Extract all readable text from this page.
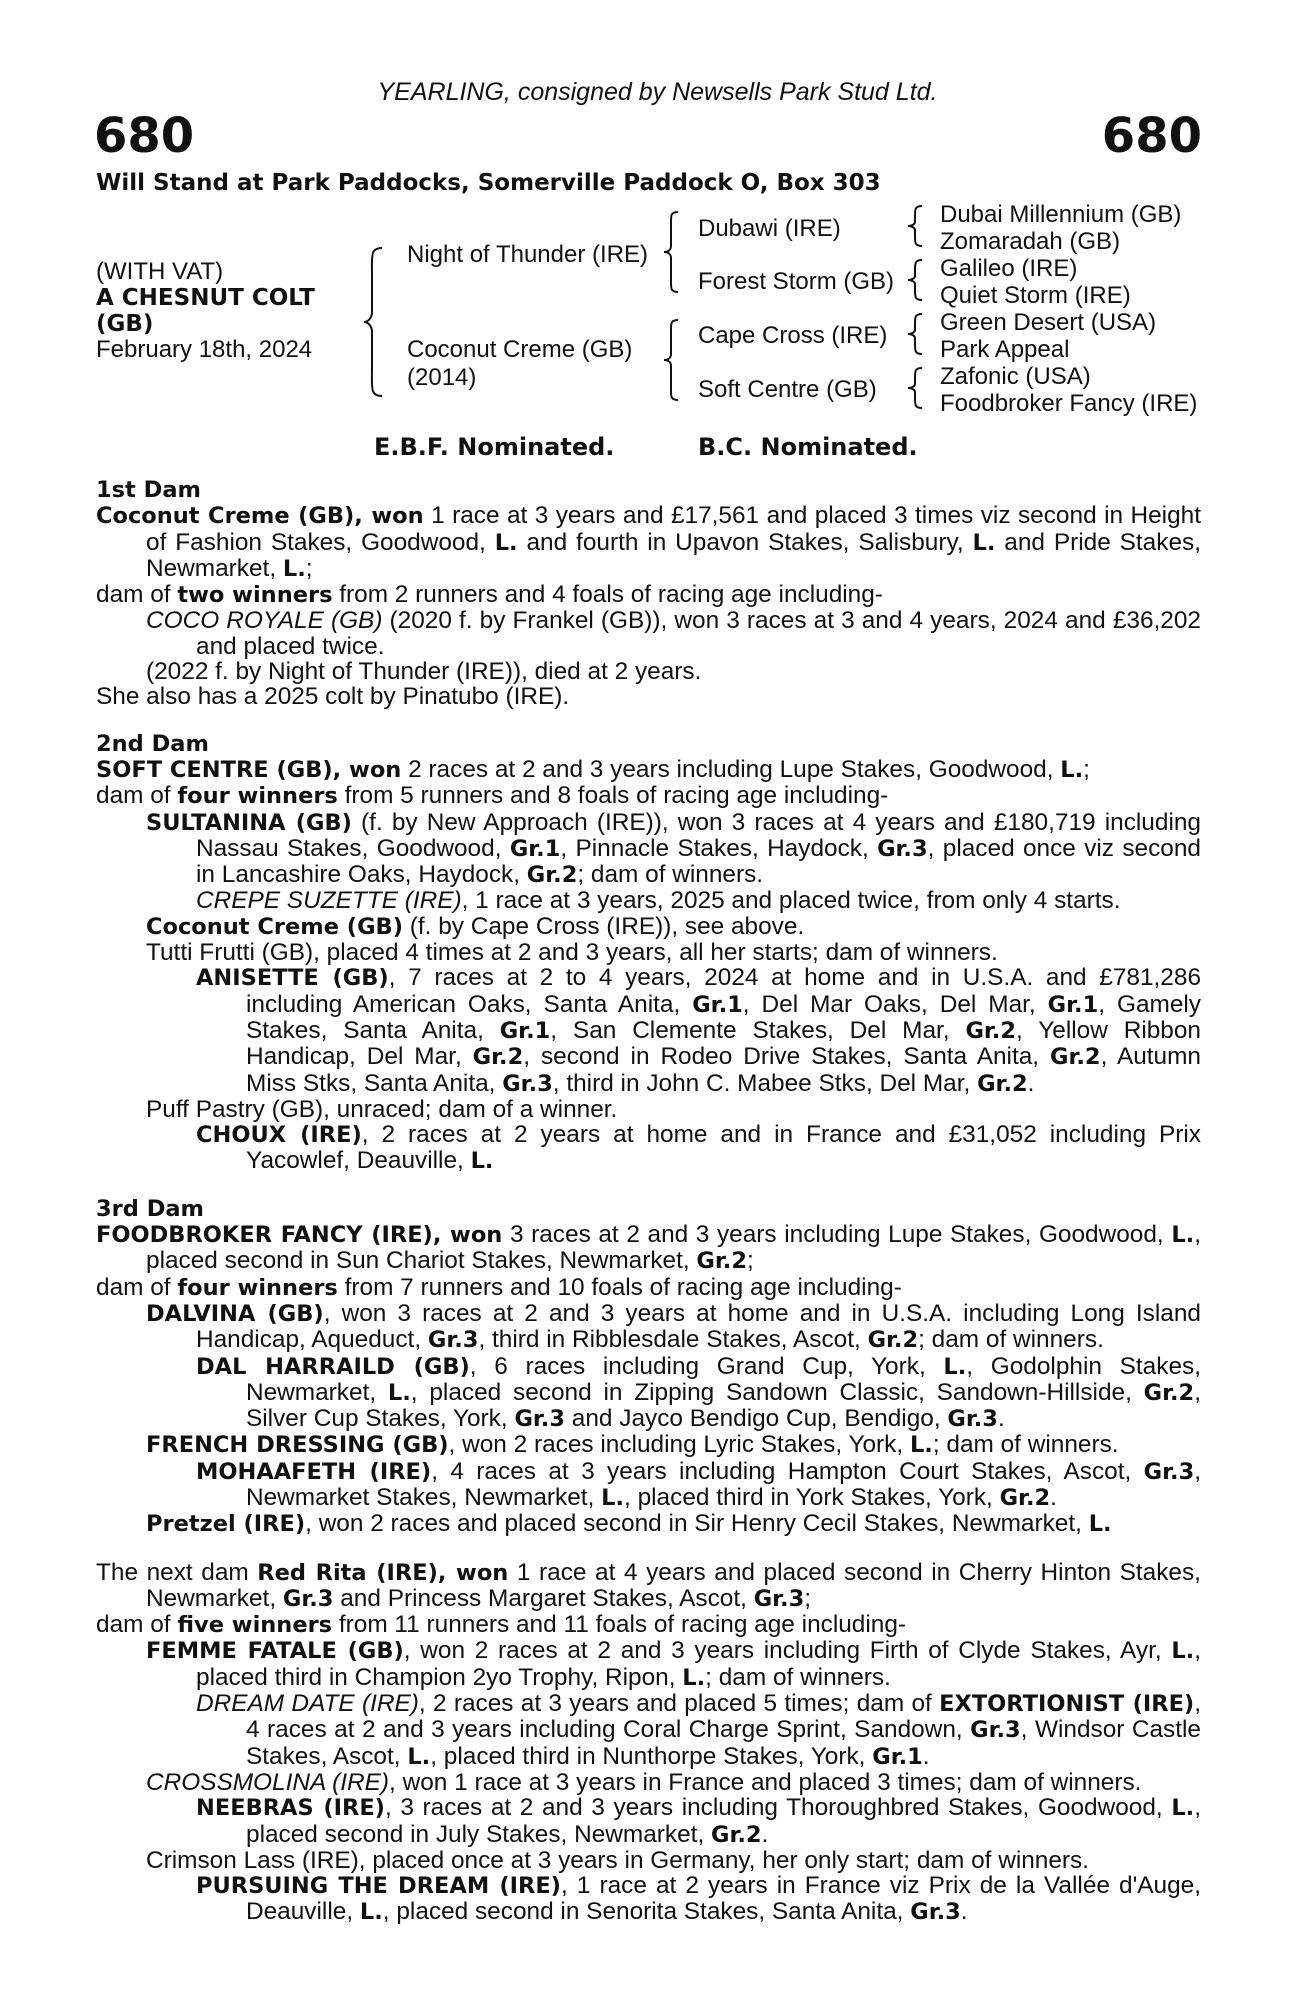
YEARLING, consigned by Newsells Park Stud Ltd.
680	680
Will Stand at Park Paddocks, Somerville Paddock O, Box 303
(WITH VAT)
A CHESNUT COLT
(GB)
February 18th, 2024
Night of Thunder (IRE)
Coconut Creme (GB)
(2014)
Dubawi (IRE)
Forest Storm (GB)
Cape Cross (IRE)
Soft Centre (GB)
Dubai Millennium (GB)
Zomaradah (GB)
Galileo (IRE)
Quiet Storm (IRE)
Green Desert (USA)
Park Appeal
Zafonic (USA)
Foodbroker Fancy (IRE)
E.B.F. Nominated.	B.C. Nominated.

1st Dam

Coconut Creme (GB), won 1 race at 3 years and £17,561 and placed 3 times viz second in Height of Fashion Stakes, Goodwood, L. and fourth in Upavon Stakes, Salisbury, L. and Pride Stakes, Newmarket, L.;

dam of two winners from 2 runners and 4 foals of racing age including-

COCO ROYALE (GB) (2020 f. by Frankel (GB)), won 3 races at 3 and 4 years, 2024 and £36,202 and placed twice.

(2022 f. by Night of Thunder (IRE)), died at 2 years.

She also has a 2025 colt by Pinatubo (IRE).

2nd Dam

SOFT CENTRE (GB), won 2 races at 2 and 3 years including Lupe Stakes, Goodwood, L.;

dam of four winners from 5 runners and 8 foals of racing age including-

SULTANINA (GB) (f. by New Approach (IRE)), won 3 races at 4 years and £180,719 including Nassau Stakes, Goodwood, Gr.1, Pinnacle Stakes, Haydock, Gr.3, placed once viz second in Lancashire Oaks, Haydock, Gr.2; dam of winners.

CREPE SUZETTE (IRE), 1 race at 3 years, 2025 and placed twice, from only 4 starts.

Coconut Creme (GB) (f. by Cape Cross (IRE)), see above.

Tutti Frutti (GB), placed 4 times at 2 and 3 years, all her starts; dam of winners.

ANISETTE (GB), 7 races at 2 to 4 years, 2024 at home and in U.S.A. and £781,286 including American Oaks, Santa Anita, Gr.1, Del Mar Oaks, Del Mar, Gr.1, Gamely Stakes, Santa Anita, Gr.1, San Clemente Stakes, Del Mar, Gr.2, Yellow Ribbon Handicap, Del Mar, Gr.2, second in Rodeo Drive Stakes, Santa Anita, Gr.2, Autumn Miss Stks, Santa Anita, Gr.3, third in John C. Mabee Stks, Del Mar, Gr.2.

Puff Pastry (GB), unraced; dam of a winner.

CHOUX (IRE), 2 races at 2 years at home and in France and £31,052 including Prix Yacowlef, Deauville, L.

3rd Dam

FOODBROKER FANCY (IRE), won 3 races at 2 and 3 years including Lupe Stakes, Goodwood, L., placed second in Sun Chariot Stakes, Newmarket, Gr.2;

dam of four winners from 7 runners and 10 foals of racing age including-

DALVINA (GB), won 3 races at 2 and 3 years at home and in U.S.A. including Long Island Handicap, Aqueduct, Gr.3, third in Ribblesdale Stakes, Ascot, Gr.2; dam of winners.

DAL HARRAILD (GB), 6 races including Grand Cup, York, L., Godolphin Stakes, Newmarket, L., placed second in Zipping Sandown Classic, Sandown-Hillside, Gr.2, Silver Cup Stakes, York, Gr.3 and Jayco Bendigo Cup, Bendigo, Gr.3.

FRENCH DRESSING (GB), won 2 races including Lyric Stakes, York, L.; dam of winners.

MOHAAFETH (IRE), 4 races at 3 years including Hampton Court Stakes, Ascot, Gr.3, Newmarket Stakes, Newmarket, L., placed third in York Stakes, York, Gr.2.

Pretzel (IRE), won 2 races and placed second in Sir Henry Cecil Stakes, Newmarket, L.

The next dam Red Rita (IRE), won 1 race at 4 years and placed second in Cherry Hinton Stakes, Newmarket, Gr.3 and Princess Margaret Stakes, Ascot, Gr.3;

dam of five winners from 11 runners and 11 foals of racing age including-

FEMME FATALE (GB), won 2 races at 2 and 3 years including Firth of Clyde Stakes, Ayr, L., placed third in Champion 2yo Trophy, Ripon, L.; dam of winners.

DREAM DATE (IRE), 2 races at 3 years and placed 5 times; dam of EXTORTIONIST (IRE), 4 races at 2 and 3 years including Coral Charge Sprint, Sandown, Gr.3, Windsor Castle Stakes, Ascot, L., placed third in Nunthorpe Stakes, York, Gr.1.

CROSSMOLINA (IRE), won 1 race at 3 years in France and placed 3 times; dam of winners.

NEEBRAS (IRE), 3 races at 2 and 3 years including Thoroughbred Stakes, Goodwood, L., placed second in July Stakes, Newmarket, Gr.2.

Crimson Lass (IRE), placed once at 3 years in Germany, her only start; dam of winners.

PURSUING THE DREAM (IRE), 1 race at 2 years in France viz Prix de la Vallée d'Auge, Deauville, L., placed second in Senorita Stakes, Santa Anita, Gr.3.
